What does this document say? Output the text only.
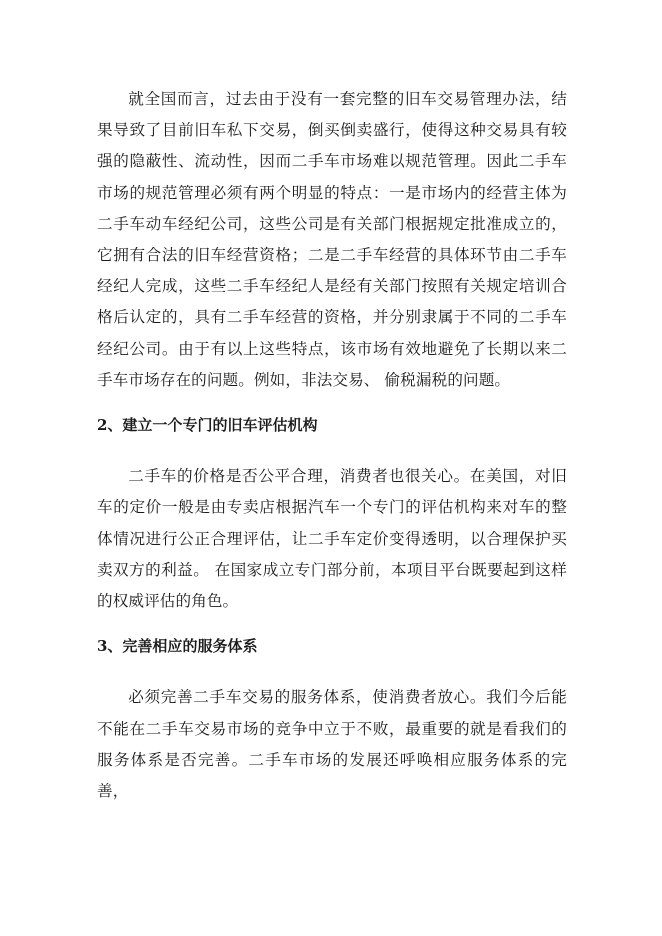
就全国而言，过去由于没有一套完整的旧车交易管理办法，结果导致了目前旧车私下交易，倒买倒卖盛行，使得这种交易具有较强的隐蔽性、流动性，因而二手车市场难以规范管理。因此二手车市场的规范管理必须有两个明显的特点：一是市场内的经营主体为二手车动车经纪公司，这些公司是有关部门根据规定批准成立的，它拥有合法的旧车经营资格；二是二手车经营的具体环节由二手车经纪人完成，这些二手车经纪人是经有关部门按照有关规定培训合格后认定的，具有二手车经营的资格，并分别隶属于不同的二手车经纪公司。由于有以上这些特点，该市场有效地避免了长期以来二手车市场存在的问题。例如，非法交易、 偷税漏税的问题。

2、建立一个专门的旧车评估机构

二手车的价格是否公平合理，消费者也很关心。在美国，对旧车的定价一般是由专卖店根据汽车一个专门的评估机构来对车的整体情况进行公正合理评估，让二手车定价变得透明，以合理保护买卖双方的利益。 在国家成立专门部分前，本项目平台既要起到这样的权威评估的角色。

3、完善相应的服务体系

必须完善二手车交易的服务体系，使消费者放心。我们今后能不能在二手车交易市场的竞争中立于不败，最重要的就是看我们的服务体系是否完善。二手车市场的发展还呼唤相应服务体系的完善，
